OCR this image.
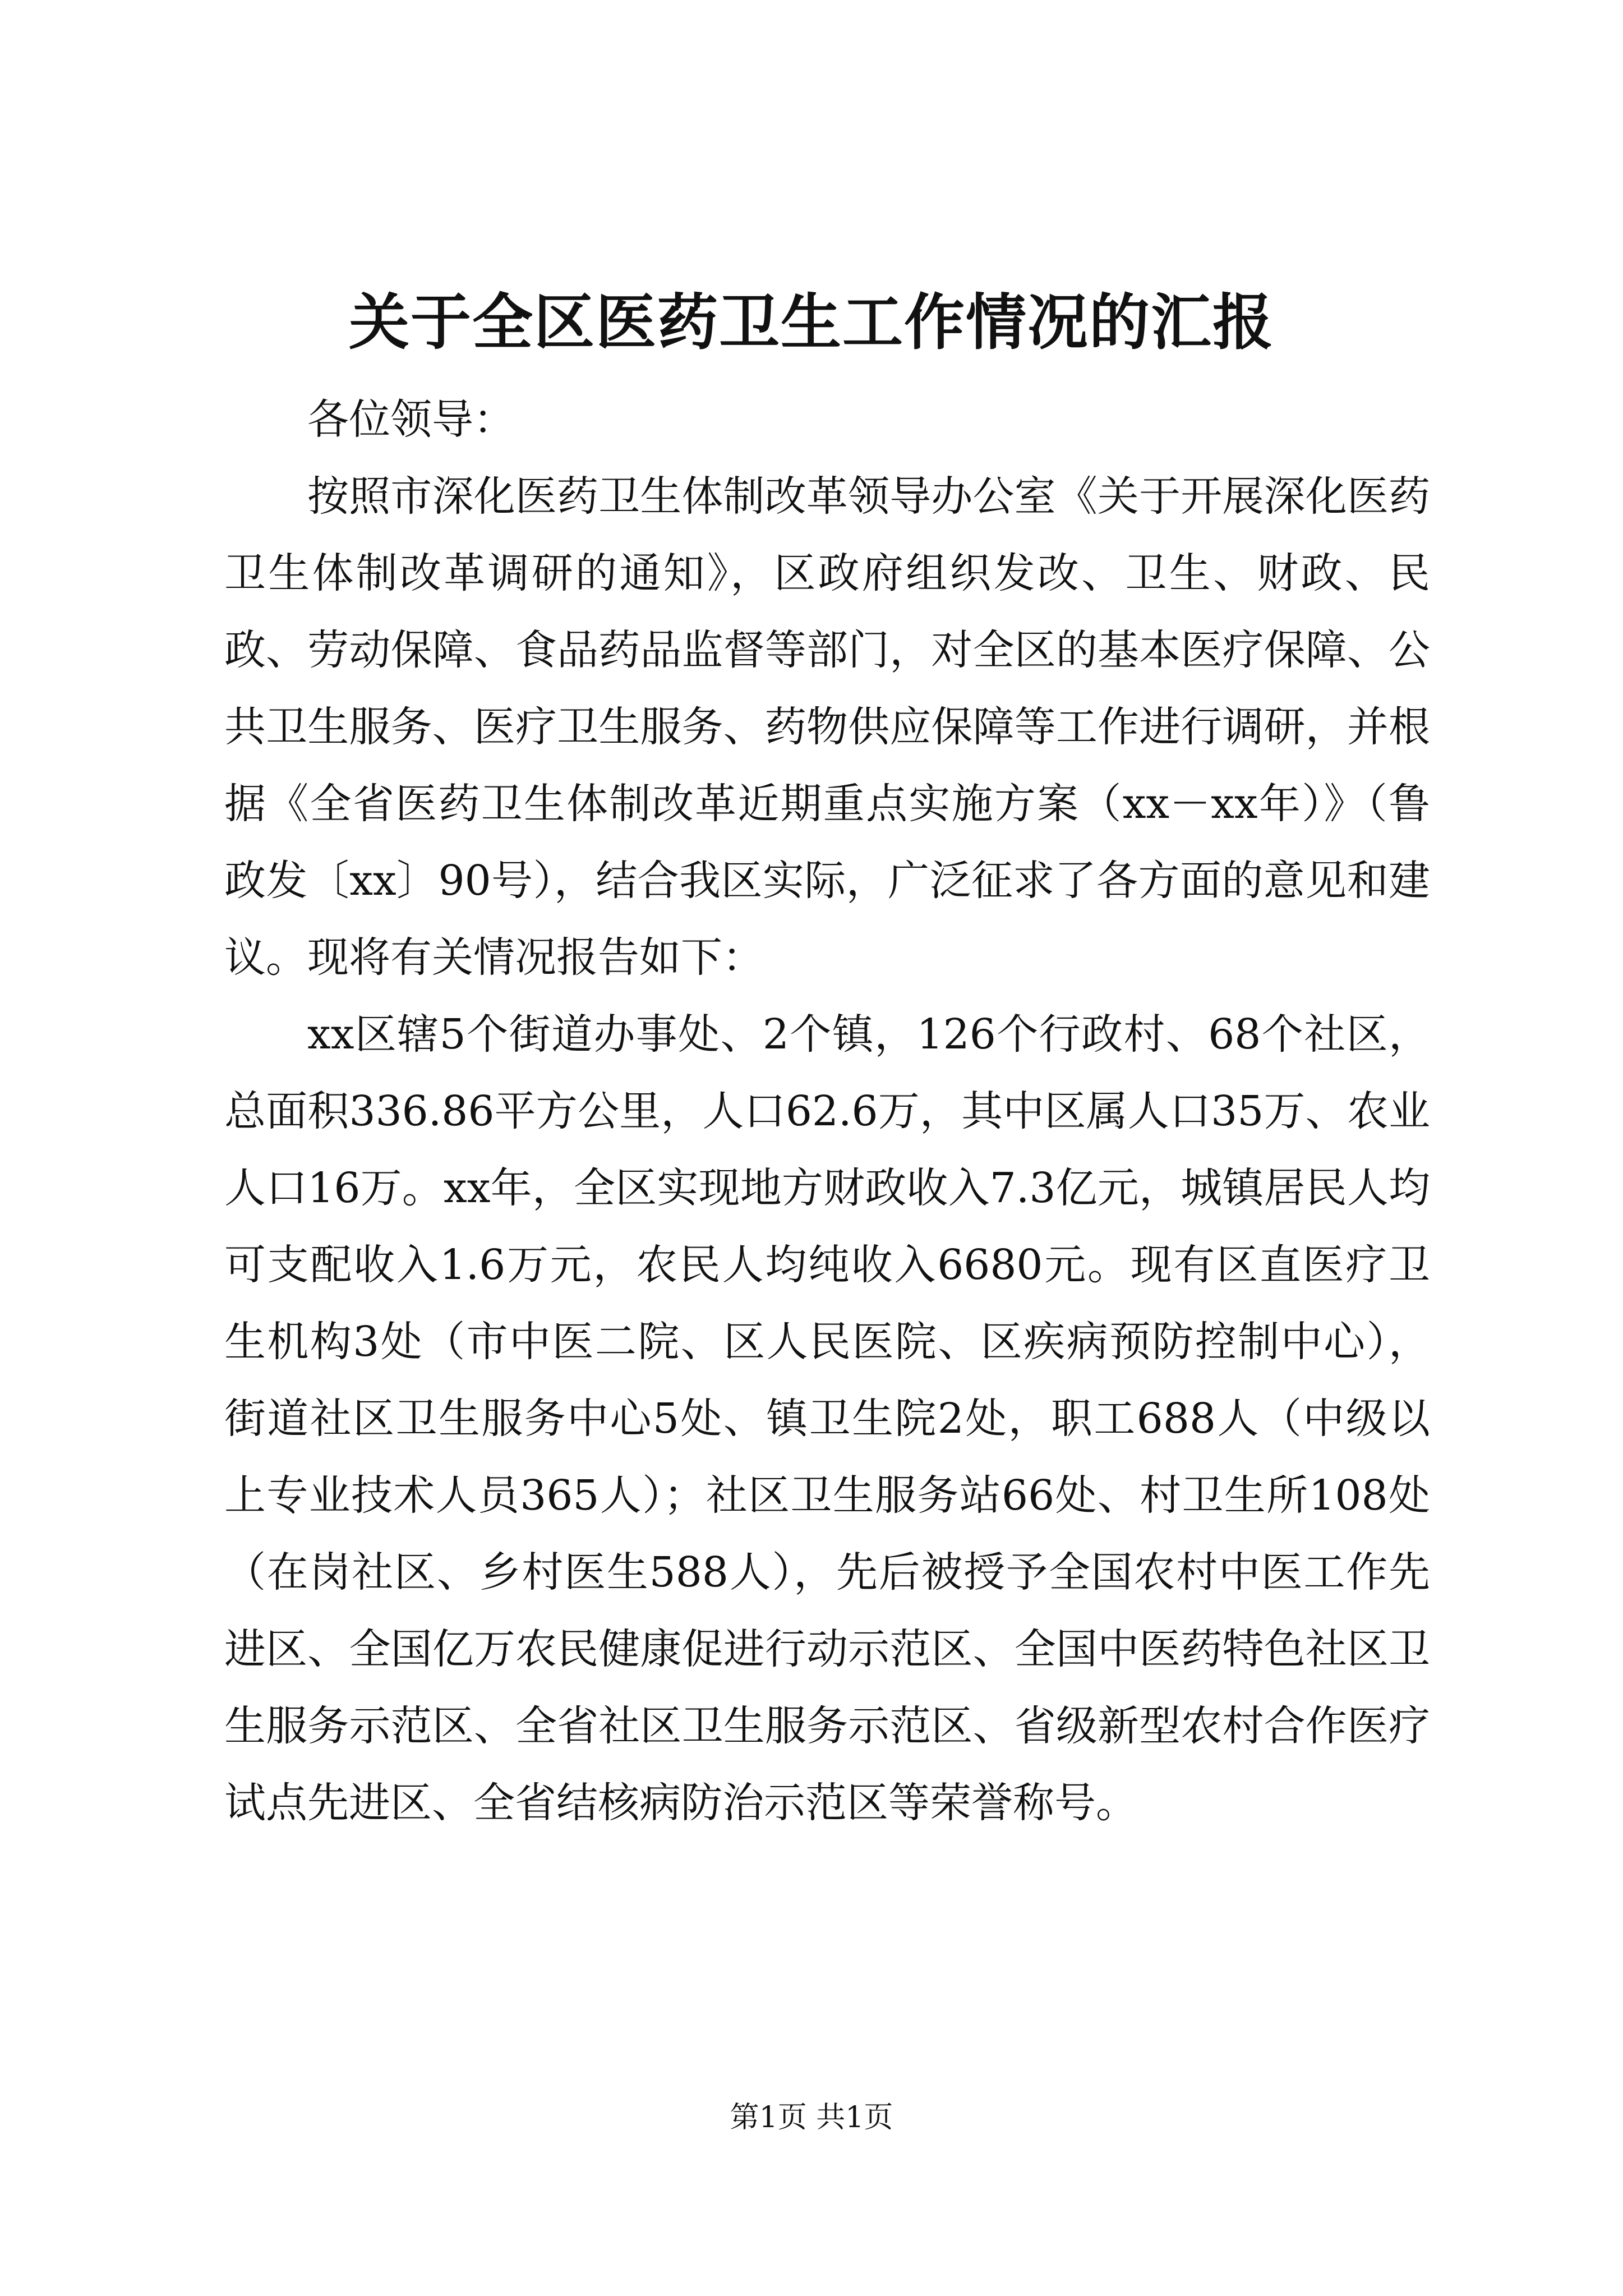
关于全区医药卫生工作情况的汇报

各位领导：

按照市深化医药卫生体制改革领导办公室《关于开展深化医药卫生体制改革调研的通知》，区政府组织发改、卫生、财政、民政、劳动保障、食品药品监督等部门，对全区的基本医疗保障、公共卫生服务、医疗卫生服务、药物供应保障等工作进行调研，并根据《全省医药卫生体制改革近期重点实施方案（xx－xx年）》（鲁政发〔xx〕90号），结合我区实际，广泛征求了各方面的意见和建议。现将有关情况报告如下：

xx区辖5个街道办事处、2个镇，126个行政村、68个社区，总面积336.86平方公里，人口62.6万，其中区属人口35万、农业人口16万。xx年，全区实现地方财政收入7.3亿元，城镇居民人均可支配收入1.6万元，农民人均纯收入6680元。现有区直医疗卫生机构3处（市中医二院、区人民医院、区疾病预防控制中心），街道社区卫生服务中心5处、镇卫生院2处，职工688人（中级以上专业技术人员365人）；社区卫生服务站66处、村卫生所108处（在岗社区、乡村医生588人），先后被授予全国农村中医工作先进区、全国亿万农民健康促进行动示范区、全国中医药特色社区卫生服务示范区、全省社区卫生服务示范区、省级新型农村合作医疗试点先进区、全省结核病防治示范区等荣誉称号。

第1页 共1页
